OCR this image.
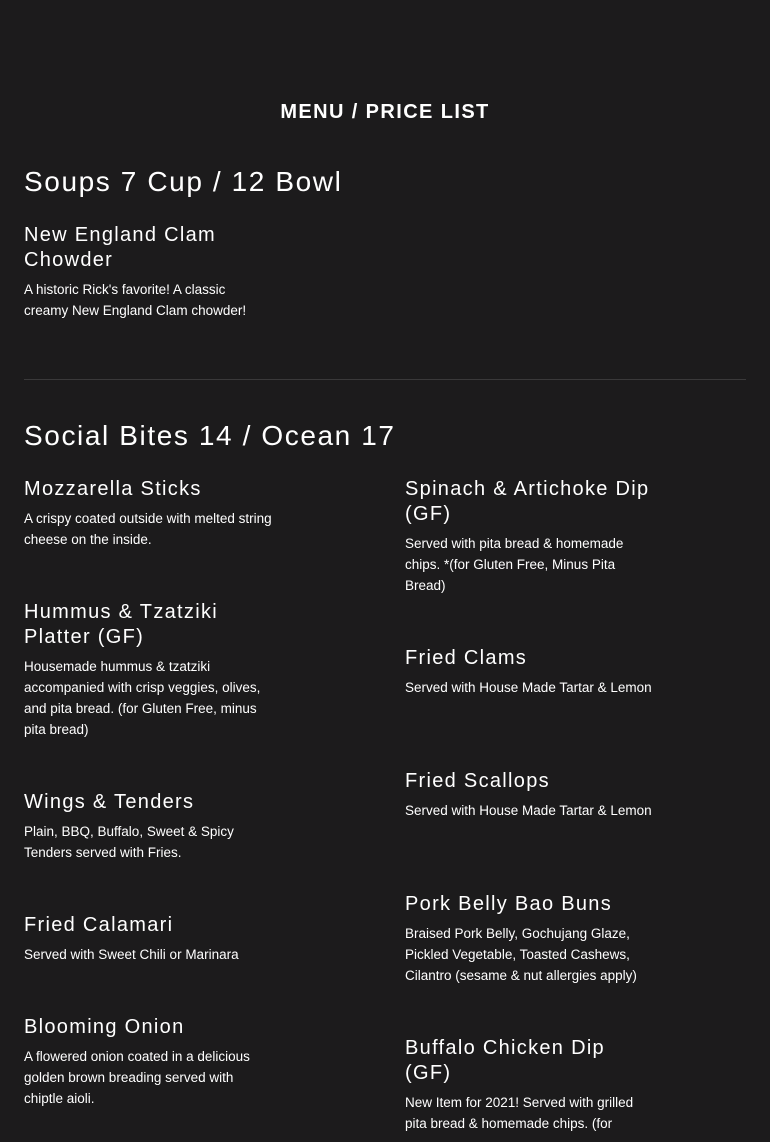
MENU / PRICE LIST
Soups 7 Cup / 12 Bowl
New England Clam Chowder
A historic Rick's favorite! A classic creamy New England Clam chowder!
Social Bites 14 / Ocean 17
Mozzarella Sticks
A crispy coated outside with melted string cheese on the inside.
Hummus & Tzatziki Platter (GF)
Housemade hummus & tzatziki accompanied with crisp veggies, olives, and pita bread. (for Gluten Free, minus pita bread)
Wings & Tenders
Plain, BBQ, Buffalo, Sweet & Spicy Tenders served with Fries.
Fried Calamari
Served with Sweet Chili or Marinara
Blooming Onion
A flowered onion coated in a delicious golden brown breading served with chiptle aioli.
Spinach & Artichoke Dip (GF)
Served with pita bread & homemade chips. *(for Gluten Free, Minus Pita Bread)
Fried Clams
Served with House Made Tartar & Lemon
Fried Scallops
Served with House Made Tartar & Lemon
Pork Belly Bao Buns
Braised Pork Belly, Gochujang Glaze, Pickled Vegetable, Toasted Cashews, Cilantro (sesame & nut allergies apply)
Buffalo Chicken Dip (GF)
New Item for 2021! Served with grilled pita bread & homemade chips. (for
